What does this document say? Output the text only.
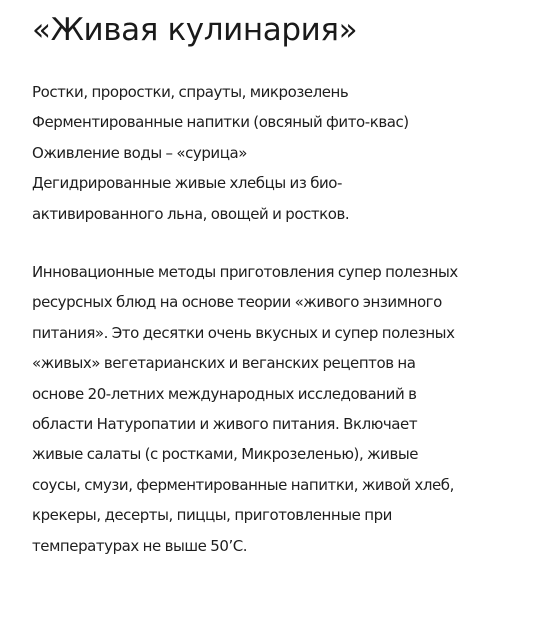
«Живая кулинария»
Ростки, проростки, спрауты, микрозелень
Ферментированные напитки (овсяный фито-квас)
Оживление воды – «сурица»
Дегидрированные живые хлебцы из био-
активированного льна, овощей и ростков.
Инновационные методы приготовления супер полезных
ресурсных блюд на основе теории «живого энзимного
питания». Это десятки очень вкусных и супер полезных
«живых» вегетарианских и веганских рецептов на
основе 20-летних международных исследований в
области Натуропатии и живого питания. Включает
живые салаты (с ростками, Микрозеленью), живые
соусы, смузи, ферментированные напитки, живой хлеб,
крекеры, десерты, пиццы, приготовленные при
температурах не выше 50’С.
